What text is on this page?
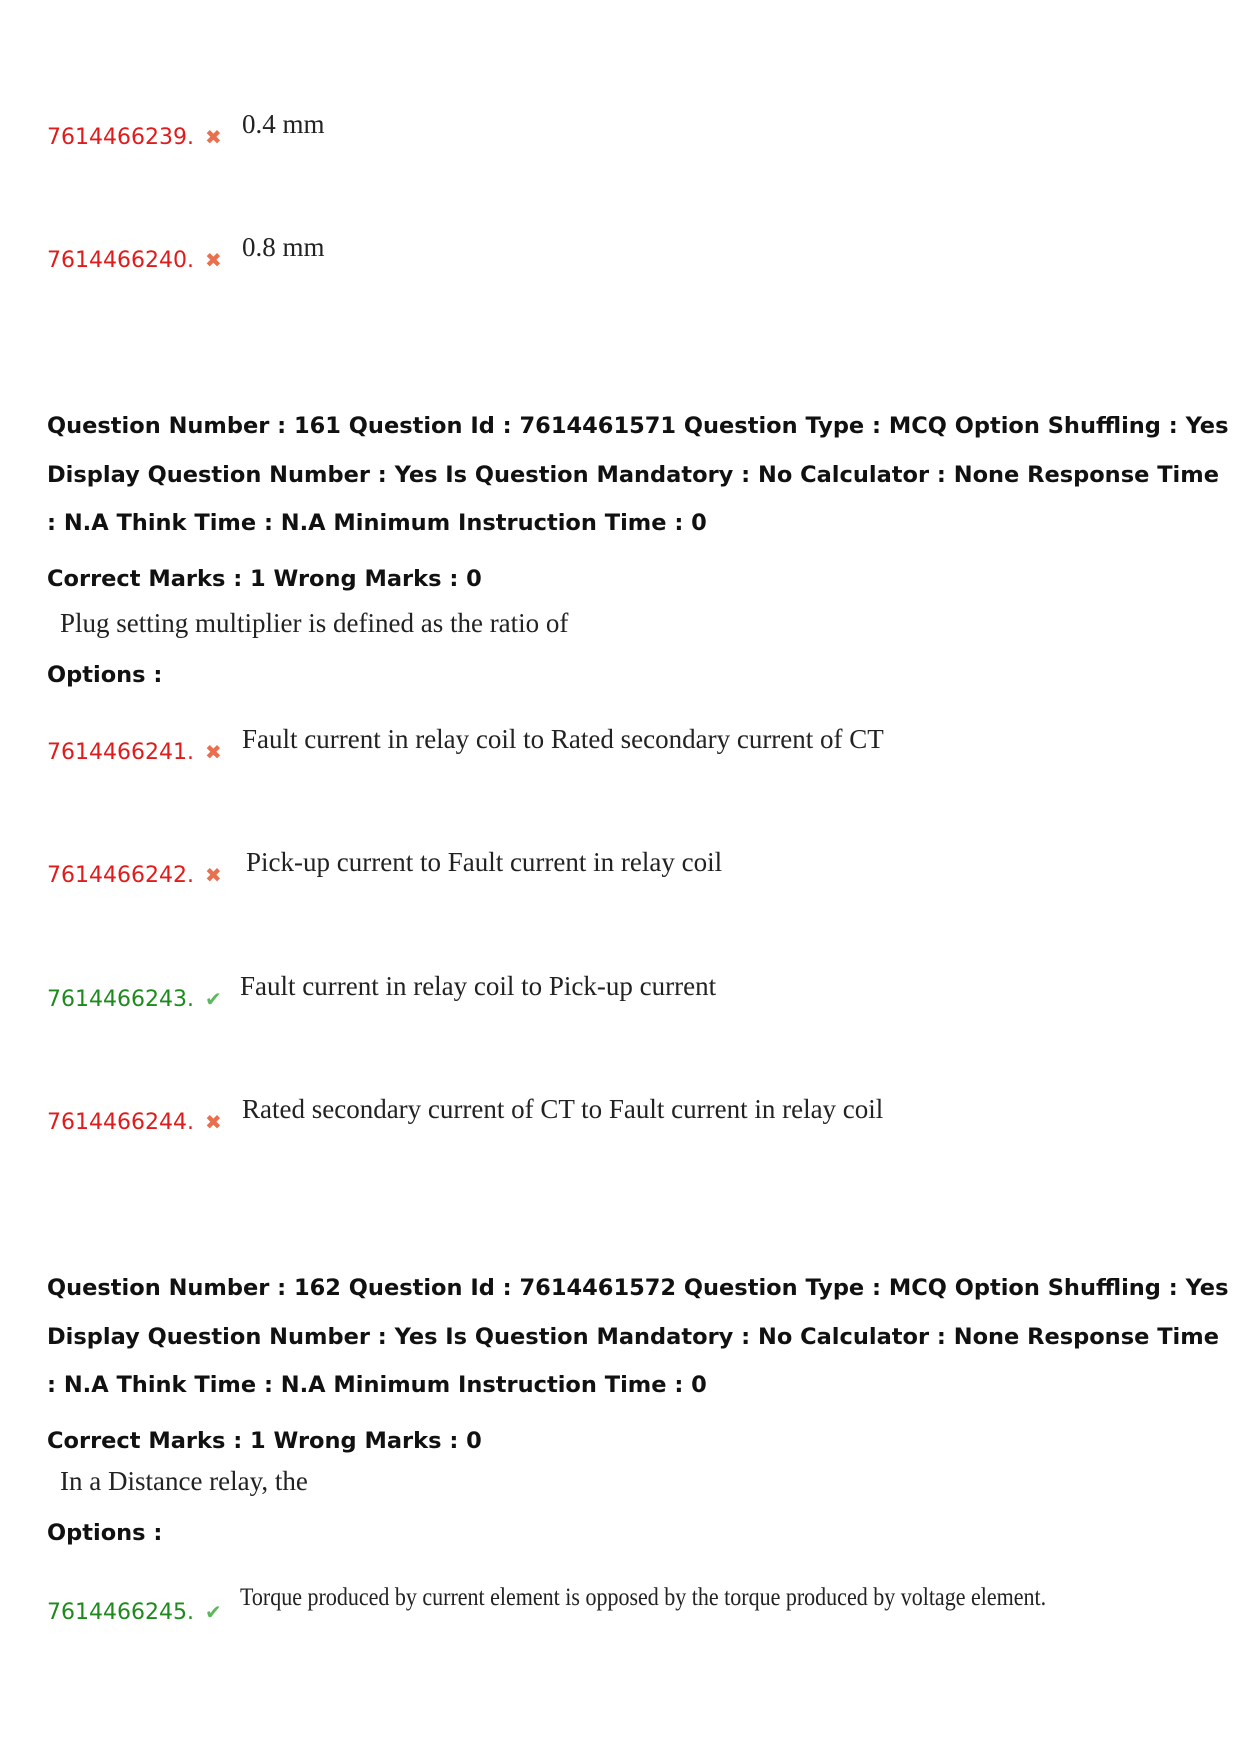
7614466239. ✖ 0.4 mm
7614466240. ✖ 0.8 mm
Question Number : 161 Question Id : 7614461571 Question Type : MCQ Option Shuffling : Yes
Display Question Number : Yes Is Question Mandatory : No Calculator : None Response Time
: N.A Think Time : N.A Minimum Instruction Time : 0
Correct Marks : 1 Wrong Marks : 0
Plug setting multiplier is defined as the ratio of
Options :
7614466241. ✖ Fault current in relay coil to Rated secondary current of CT
7614466242. ✖ Pick-up current to Fault current in relay coil
7614466243. ✔ Fault current in relay coil to Pick-up current
7614466244. ✖ Rated secondary current of CT to Fault current in relay coil
Question Number : 162 Question Id : 7614461572 Question Type : MCQ Option Shuffling : Yes
Display Question Number : Yes Is Question Mandatory : No Calculator : None Response Time
: N.A Think Time : N.A Minimum Instruction Time : 0
Correct Marks : 1 Wrong Marks : 0
In a Distance relay, the
Options :
7614466245. ✔
Torque produced by current element is opposed by the torque produced by voltage element.
